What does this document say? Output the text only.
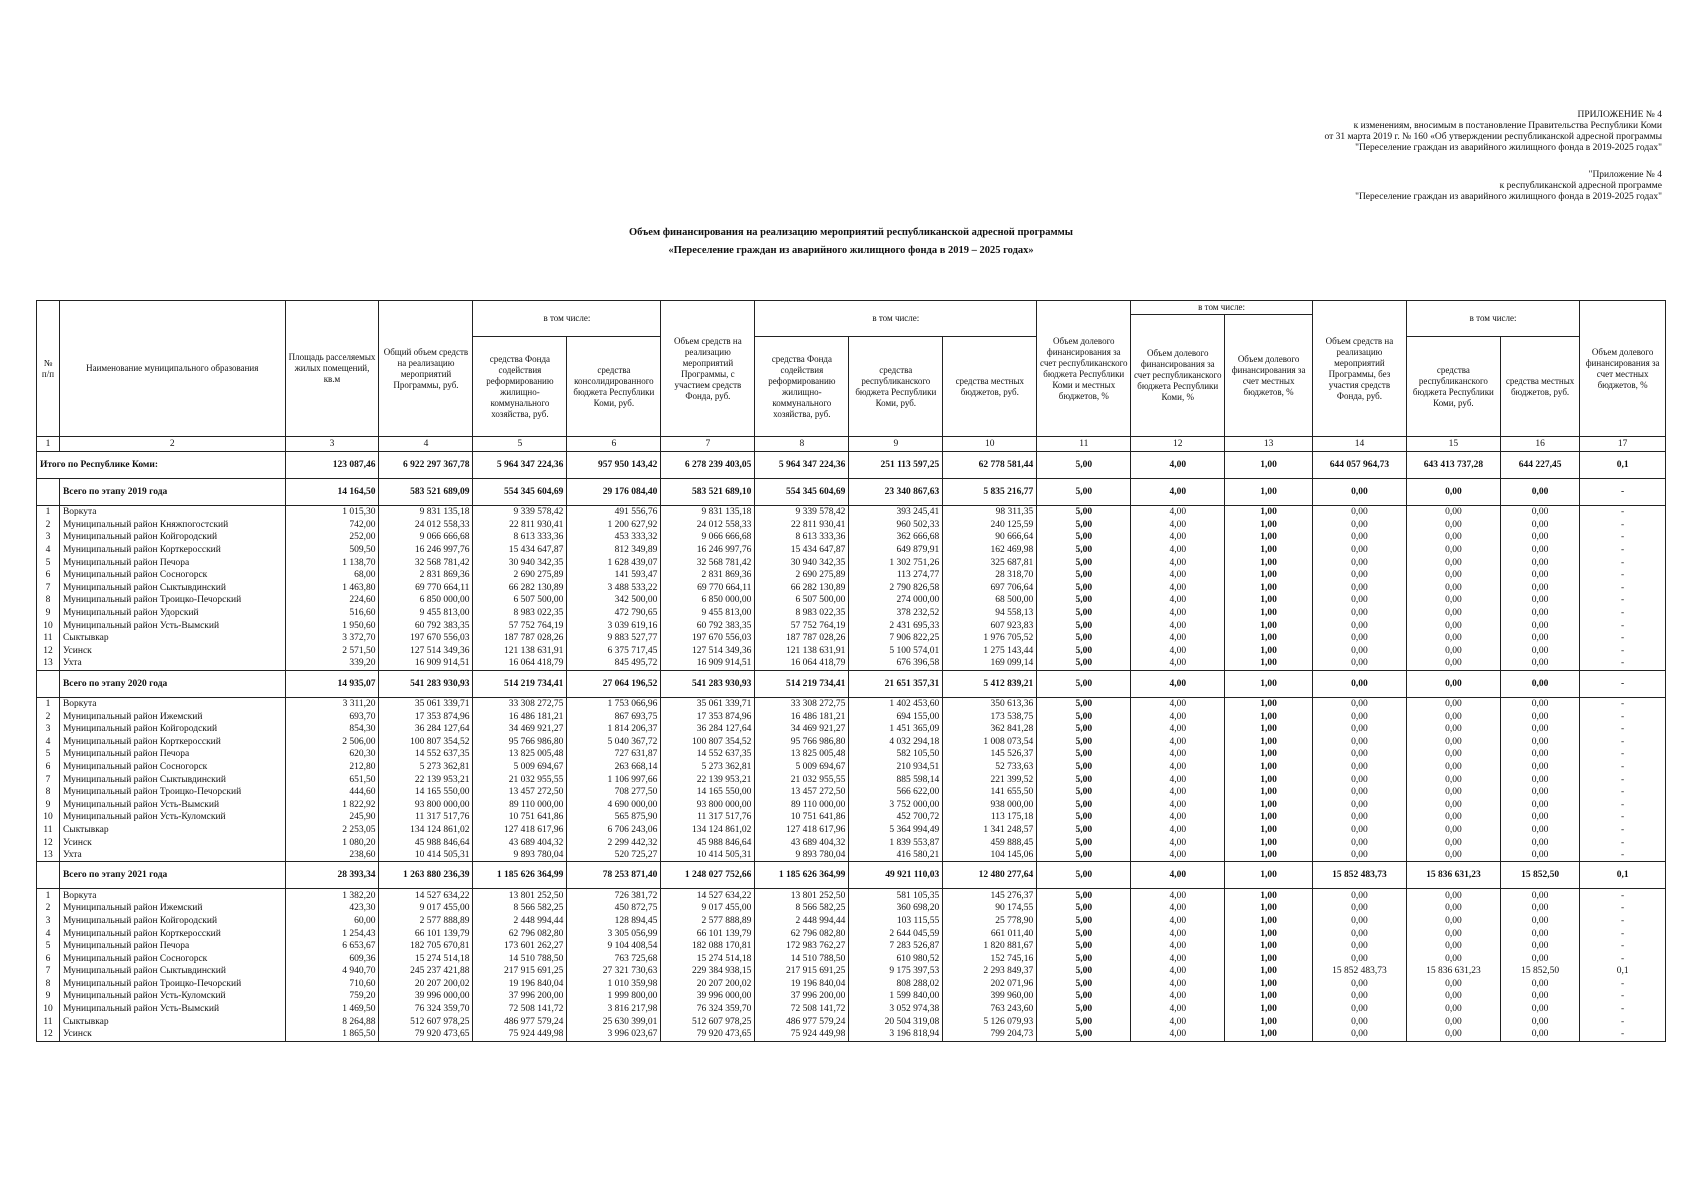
ПРИЛОЖЕНИЕ № 4
к изменениям, вносимым в постановление Правительства Республики Коми
от 31 марта 2019 г. № 160 «Об утверждении республиканской адресной программы
"Переселение граждан из аварийного жилищного фонда в 2019-2025 годах"
"Приложение № 4
к республиканской адресной программе
"Переселение граждан из аварийного жилищного фонда в 2019-2025 годах"
Объем финансирования на реализацию мероприятий республиканской адресной программы
«Переселение граждан из аварийного жилищного фонда в 2019 – 2025 годах»
№ п/п	Наименование муниципального образования	Площадь расселяемых жилых помещений, кв.м	Общий объем средств на реализацию мероприятий Программы, руб.	в том числе:		Объем средств на реализацию мероприятий Программы, с участием средств Фонда, руб.	в том числе:			Объем долевого финансирования за счет республиканского бюджета Республики Коми и местных бюджетов, %	в том числе:		Объем средств на реализацию мероприятий Программы, без участия средств Фонда, руб.	в том числе:		Объем долевого финансирования за счет местных бюджетов, %
											Объем долевого финансирования за счет республиканского бюджета Республики Коми, %	Объем долевого финансирования за счет местных бюджетов, %				
				средства Фонда содействия реформированию жилищно-коммунального хозяйства, руб.	средства консолидированного бюджета Республики Коми, руб.		средства Фонда содействия реформированию жилищно-коммунального хозяйства, руб.	средства республиканского бюджета Республики Коми, руб.	средства местных бюджетов, руб.					средства республиканского бюджета Республики Коми, руб.	средства местных бюджетов, руб.	
1	2	3	4	5	6	7	8	9	10	11	12	13	14	15	16	17
Итого по Республике Коми:		123 087,46	6 922 297 367,78	5 964 347 224,36	957 950 143,42	6 278 239 403,05	5 964 347 224,36	251 113 597,25	62 778 581,44	5,00	4,00	1,00	644 057 964,73	643 413 737,28	644 227,45	0,1
	Всего по этапу 2019 года	14 164,50	583 521 689,09	554 345 604,69	29 176 084,40	583 521 689,10	554 345 604,69	23 340 867,63	5 835 216,77	5,00	4,00	1,00	0,00	0,00	0,00	-
1	Воркута	1 015,30	9 831 135,18	9 339 578,42	491 556,76	9 831 135,18	9 339 578,42	393 245,41	98 311,35	5,00	4,00	1,00	0,00	0,00	0,00	-
2	Муниципальный район Княжпогостский	742,00	24 012 558,33	22 811 930,41	1 200 627,92	24 012 558,33	22 811 930,41	960 502,33	240 125,59	5,00	4,00	1,00	0,00	0,00	0,00	-
3	Муниципальный район Койгородский	252,00	9 066 666,68	8 613 333,36	453 333,32	9 066 666,68	8 613 333,36	362 666,68	90 666,64	5,00	4,00	1,00	0,00	0,00	0,00	-
4	Муниципальный район Корткеросский	509,50	16 246 997,76	15 434 647,87	812 349,89	16 246 997,76	15 434 647,87	649 879,91	162 469,98	5,00	4,00	1,00	0,00	0,00	0,00	-
5	Муниципальный район Печора	1 138,70	32 568 781,42	30 940 342,35	1 628 439,07	32 568 781,42	30 940 342,35	1 302 751,26	325 687,81	5,00	4,00	1,00	0,00	0,00	0,00	-
6	Муниципальный район Сосногорск	68,00	2 831 869,36	2 690 275,89	141 593,47	2 831 869,36	2 690 275,89	113 274,77	28 318,70	5,00	4,00	1,00	0,00	0,00	0,00	-
7	Муниципальный район Сыктывдинский	1 463,80	69 770 664,11	66 282 130,89	3 488 533,22	69 770 664,11	66 282 130,89	2 790 826,58	697 706,64	5,00	4,00	1,00	0,00	0,00	0,00	-
8	Муниципальный район Троицко-Печорский	224,60	6 850 000,00	6 507 500,00	342 500,00	6 850 000,00	6 507 500,00	274 000,00	68 500,00	5,00	4,00	1,00	0,00	0,00	0,00	-
9	Муниципальный район Удорский	516,60	9 455 813,00	8 983 022,35	472 790,65	9 455 813,00	8 983 022,35	378 232,52	94 558,13	5,00	4,00	1,00	0,00	0,00	0,00	-
10	Муниципальный район Усть-Вымский	1 950,60	60 792 383,35	57 752 764,19	3 039 619,16	60 792 383,35	57 752 764,19	2 431 695,33	607 923,83	5,00	4,00	1,00	0,00	0,00	0,00	-
11	Сыктывкар	3 372,70	197 670 556,03	187 787 028,26	9 883 527,77	197 670 556,03	187 787 028,26	7 906 822,25	1 976 705,52	5,00	4,00	1,00	0,00	0,00	0,00	-
12	Усинск	2 571,50	127 514 349,36	121 138 631,91	6 375 717,45	127 514 349,36	121 138 631,91	5 100 574,01	1 275 143,44	5,00	4,00	1,00	0,00	0,00	0,00	-
13	Ухта	339,20	16 909 914,51	16 064 418,79	845 495,72	16 909 914,51	16 064 418,79	676 396,58	169 099,14	5,00	4,00	1,00	0,00	0,00	0,00	-
	Всего по этапу 2020 года	14 935,07	541 283 930,93	514 219 734,41	27 064 196,52	541 283 930,93	514 219 734,41	21 651 357,31	5 412 839,21	5,00	4,00	1,00	0,00	0,00	0,00	-
1	Воркута	3 311,20	35 061 339,71	33 308 272,75	1 753 066,96	35 061 339,71	33 308 272,75	1 402 453,60	350 613,36	5,00	4,00	1,00	0,00	0,00	0,00	-
2	Муниципальный район Ижемский	693,70	17 353 874,96	16 486 181,21	867 693,75	17 353 874,96	16 486 181,21	694 155,00	173 538,75	5,00	4,00	1,00	0,00	0,00	0,00	-
3	Муниципальный район Койгородский	854,30	36 284 127,64	34 469 921,27	1 814 206,37	36 284 127,64	34 469 921,27	1 451 365,09	362 841,28	5,00	4,00	1,00	0,00	0,00	0,00	-
4	Муниципальный район Корткеросский	2 506,00	100 807 354,52	95 766 986,80	5 040 367,72	100 807 354,52	95 766 986,80	4 032 294,18	1 008 073,54	5,00	4,00	1,00	0,00	0,00	0,00	-
5	Муниципальный район Печора	620,30	14 552 637,35	13 825 005,48	727 631,87	14 552 637,35	13 825 005,48	582 105,50	145 526,37	5,00	4,00	1,00	0,00	0,00	0,00	-
6	Муниципальный район Сосногорск	212,80	5 273 362,81	5 009 694,67	263 668,14	5 273 362,81	5 009 694,67	210 934,51	52 733,63	5,00	4,00	1,00	0,00	0,00	0,00	-
7	Муниципальный район Сыктывдинский	651,50	22 139 953,21	21 032 955,55	1 106 997,66	22 139 953,21	21 032 955,55	885 598,14	221 399,52	5,00	4,00	1,00	0,00	0,00	0,00	-
8	Муниципальный район Троицко-Печорский	444,60	14 165 550,00	13 457 272,50	708 277,50	14 165 550,00	13 457 272,50	566 622,00	141 655,50	5,00	4,00	1,00	0,00	0,00	0,00	-
9	Муниципальный район Усть-Вымский	1 822,92	93 800 000,00	89 110 000,00	4 690 000,00	93 800 000,00	89 110 000,00	3 752 000,00	938 000,00	5,00	4,00	1,00	0,00	0,00	0,00	-
10	Муниципальный район Усть-Куломский	245,90	11 317 517,76	10 751 641,86	565 875,90	11 317 517,76	10 751 641,86	452 700,72	113 175,18	5,00	4,00	1,00	0,00	0,00	0,00	-
11	Сыктывкар	2 253,05	134 124 861,02	127 418 617,96	6 706 243,06	134 124 861,02	127 418 617,96	5 364 994,49	1 341 248,57	5,00	4,00	1,00	0,00	0,00	0,00	-
12	Усинск	1 080,20	45 988 846,64	43 689 404,32	2 299 442,32	45 988 846,64	43 689 404,32	1 839 553,87	459 888,45	5,00	4,00	1,00	0,00	0,00	0,00	-
13	Ухта	238,60	10 414 505,31	9 893 780,04	520 725,27	10 414 505,31	9 893 780,04	416 580,21	104 145,06	5,00	4,00	1,00	0,00	0,00	0,00	-
	Всего по этапу 2021 года	28 393,34	1 263 880 236,39	1 185 626 364,99	78 253 871,40	1 248 027 752,66	1 185 626 364,99	49 921 110,03	12 480 277,64	5,00	4,00	1,00	15 852 483,73	15 836 631,23	15 852,50	0,1
1	Воркута	1 382,20	14 527 634,22	13 801 252,50	726 381,72	14 527 634,22	13 801 252,50	581 105,35	145 276,37	5,00	4,00	1,00	0,00	0,00	0,00	-
2	Муниципальный район Ижемский	423,30	9 017 455,00	8 566 582,25	450 872,75	9 017 455,00	8 566 582,25	360 698,20	90 174,55	5,00	4,00	1,00	0,00	0,00	0,00	-
3	Муниципальный район Койгородский	60,00	2 577 888,89	2 448 994,44	128 894,45	2 577 888,89	2 448 994,44	103 115,55	25 778,90	5,00	4,00	1,00	0,00	0,00	0,00	-
4	Муниципальный район Корткеросский	1 254,43	66 101 139,79	62 796 082,80	3 305 056,99	66 101 139,79	62 796 082,80	2 644 045,59	661 011,40	5,00	4,00	1,00	0,00	0,00	0,00	-
5	Муниципальный район Печора	6 653,67	182 705 670,81	173 601 262,27	9 104 408,54	182 088 170,81	172 983 762,27	7 283 526,87	1 820 881,67	5,00	4,00	1,00	0,00	0,00	0,00	-
6	Муниципальный район Сосногорск	609,36	15 274 514,18	14 510 788,50	763 725,68	15 274 514,18	14 510 788,50	610 980,52	152 745,16	5,00	4,00	1,00	0,00	0,00	0,00	-
7	Муниципальный район Сыктывдинский	4 940,70	245 237 421,88	217 915 691,25	27 321 730,63	229 384 938,15	217 915 691,25	9 175 397,53	2 293 849,37	5,00	4,00	1,00	15 852 483,73	15 836 631,23	15 852,50	0,1
8	Муниципальный район Троицко-Печорский	710,60	20 207 200,02	19 196 840,04	1 010 359,98	20 207 200,02	19 196 840,04	808 288,02	202 071,96	5,00	4,00	1,00	0,00	0,00	0,00	-
9	Муниципальный район Усть-Куломский	759,20	39 996 000,00	37 996 200,00	1 999 800,00	39 996 000,00	37 996 200,00	1 599 840,00	399 960,00	5,00	4,00	1,00	0,00	0,00	0,00	-
10	Муниципальный район Усть-Вымский	1 469,50	76 324 359,70	72 508 141,72	3 816 217,98	76 324 359,70	72 508 141,72	3 052 974,38	763 243,60	5,00	4,00	1,00	0,00	0,00	0,00	-
11	Сыктывкар	8 264,88	512 607 978,25	486 977 579,24	25 630 399,01	512 607 978,25	486 977 579,24	20 504 319,08	5 126 079,93	5,00	4,00	1,00	0,00	0,00	0,00	-
12	Усинск	1 865,50	79 920 473,65	75 924 449,98	3 996 023,67	79 920 473,65	75 924 449,98	3 196 818,94	799 204,73	5,00	4,00	1,00	0,00	0,00	0,00	-
